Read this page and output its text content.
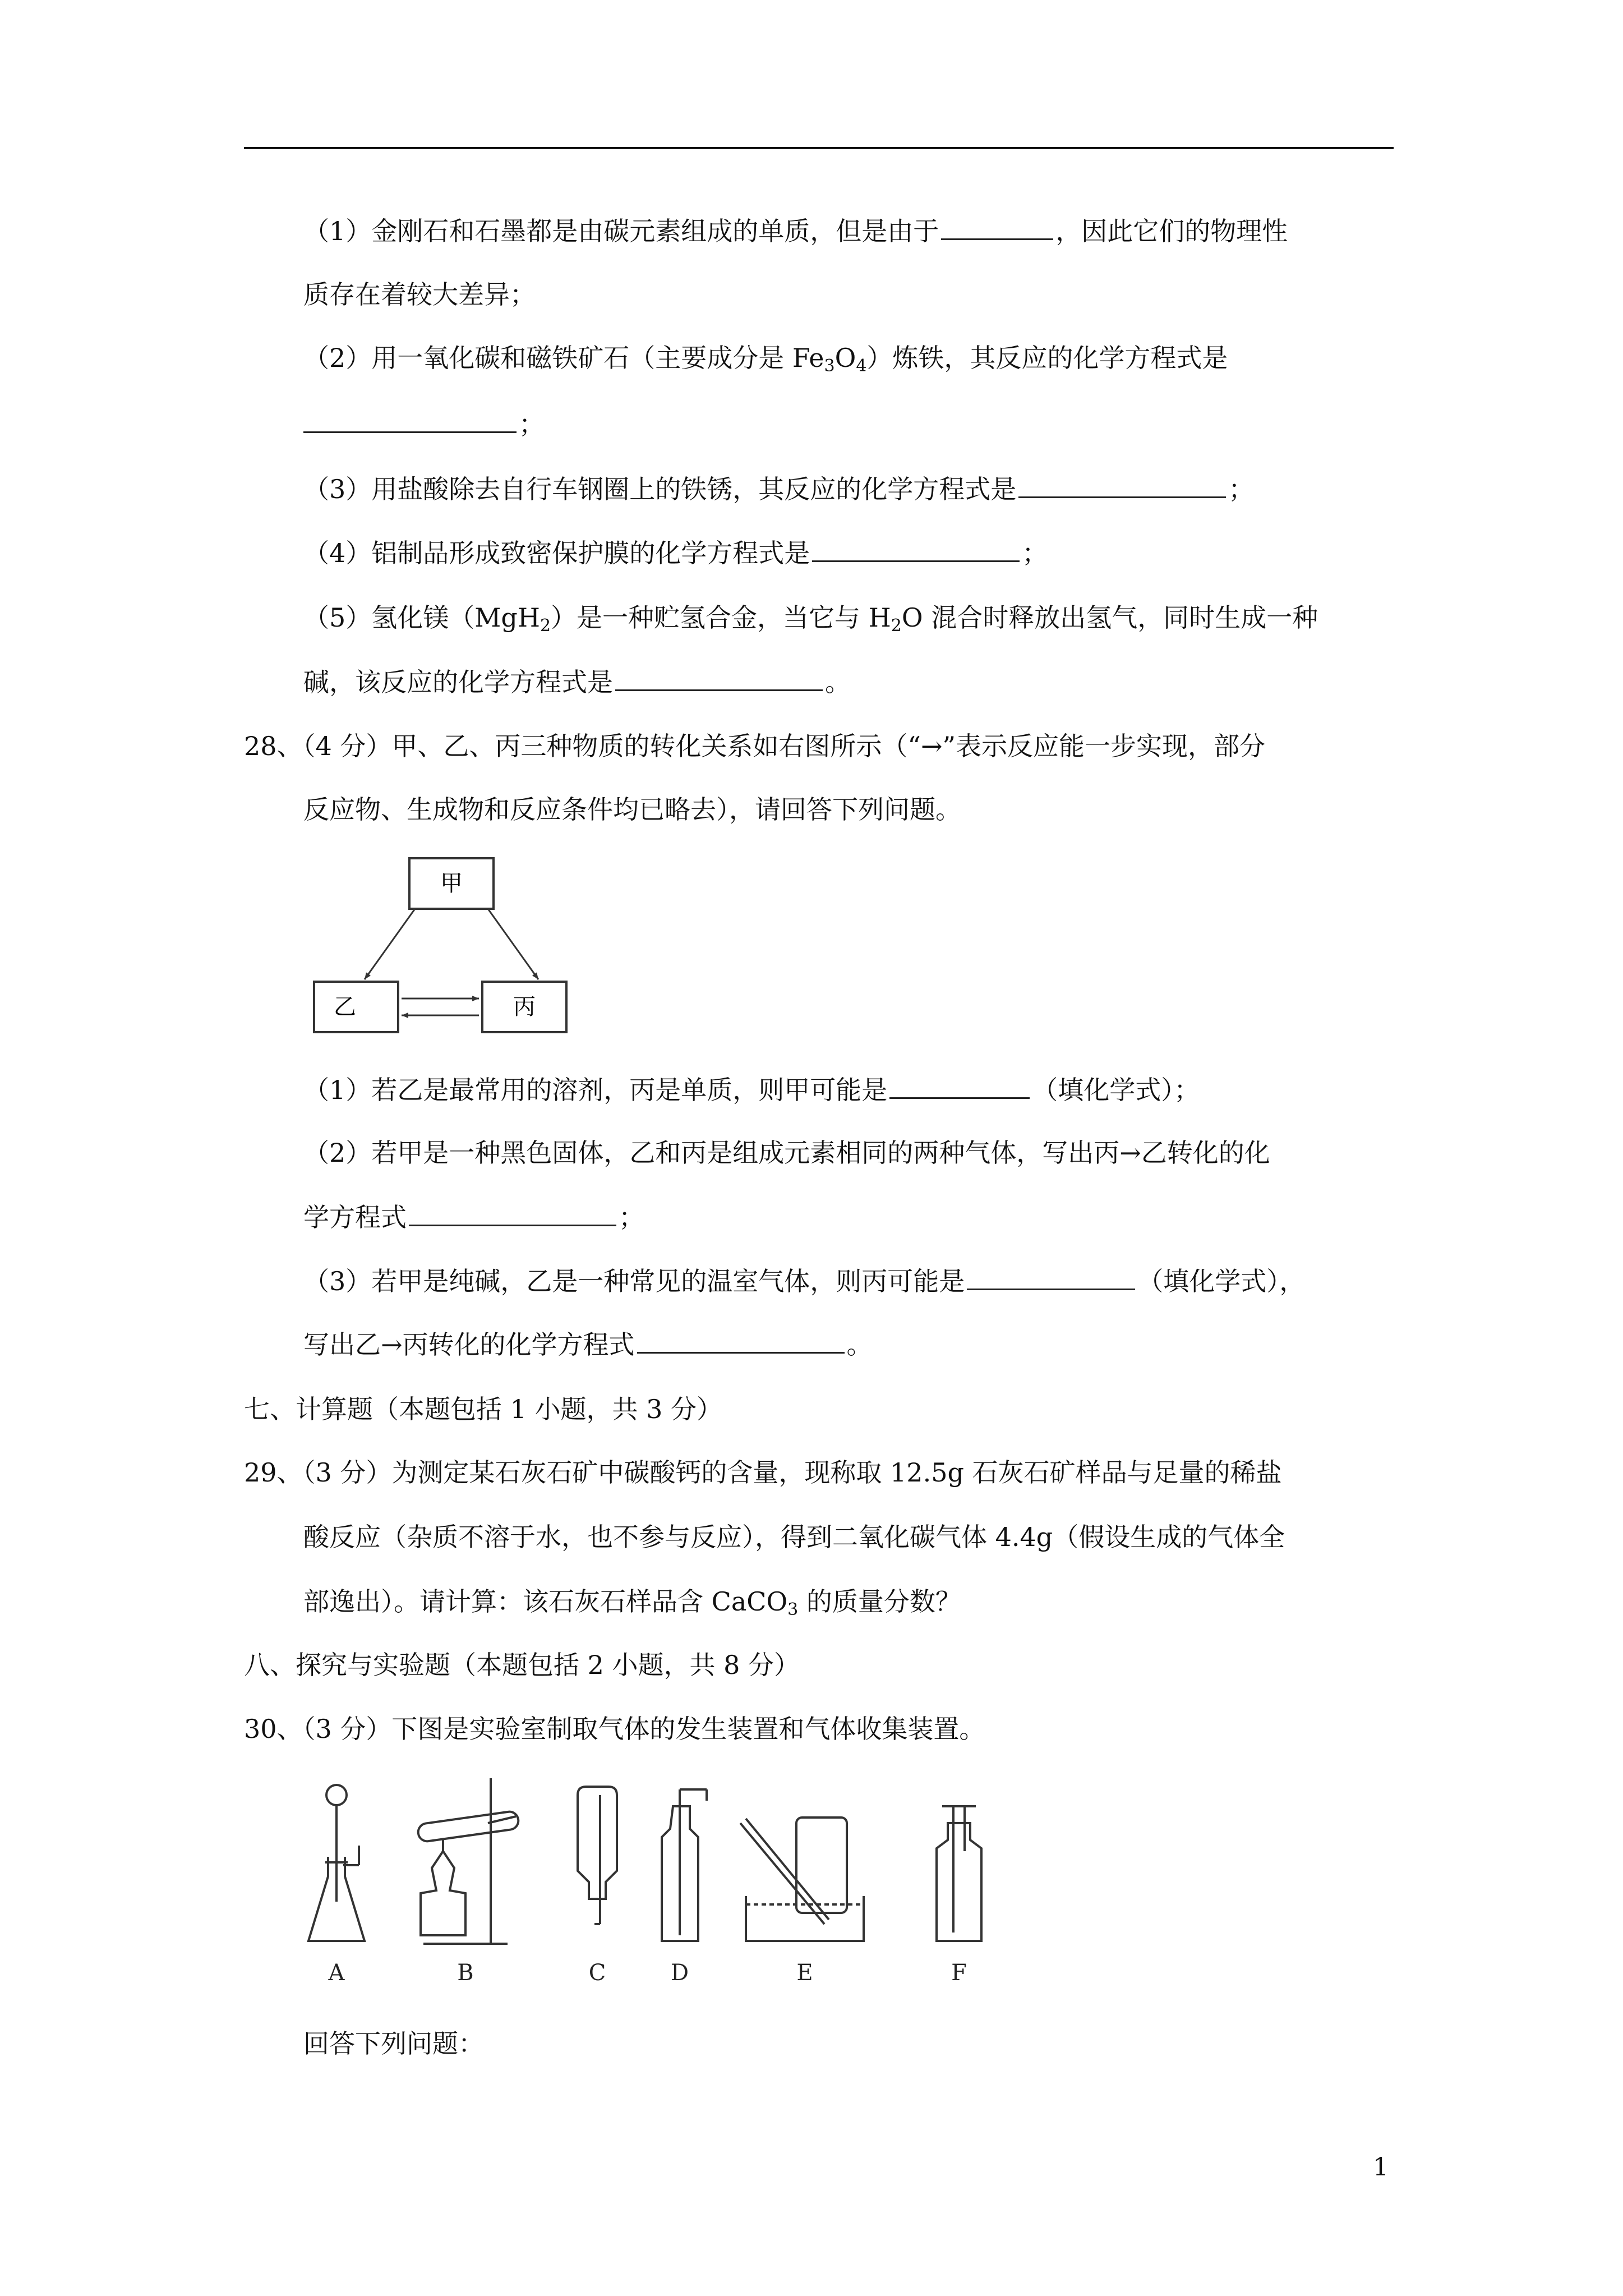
（1）金刚石和石墨都是由碳元素组成的单质，但是由于	，因此它们的物理性
质存在着较大差异；
（2）用一氧化碳和磁铁矿石（主要成分是 $Fe_3O_4$）炼铁，其反应的化学方程式是
；
（3）用盐酸除去自行车钢圈上的铁锈，其反应的化学方程式是	；
（4）铝制品形成致密保护膜的化学方程式是	；
（5）氢化镁（MgH$_2$）是一种贮氢合金，当它与 $H_2O$ 混合时释放出氢气，同时生成一种
碱，该反应的化学方程式是	。
28、（4 分）甲、乙、丙三种物质的转化关系如右图所示（“→”表示反应能一步实现，部分
反应物、生成物和反应条件均已略去），请回答下列问题。
甲
乙	丙
（1）若乙是最常用的溶剂，丙是单质，则甲可能是	（填化学式）；
（2）若甲是一种黑色固体，乙和丙是组成元素相同的两种气体，写出丙→乙转化的化
学方程式	；
（3）若甲是纯碱，乙是一种常见的温室气体，则丙可能是	（填化学式），
写出乙→丙转化的化学方程式	。
七、计算题（本题包括 1 小题，共 3 分）
29、（3 分）为测定某石灰石矿中碳酸钙的含量，现称取 12.5g 石灰石矿样品与足量的稀盐
酸反应（杂质不溶于水，也不参与反应），得到二氧化碳气体 4.4g（假设生成的气体全
部逸出）。请计算：该石灰石样品含 CaCO$_3$ 的质量分数？
八、探究与实验题（本题包括 2 小题，共 8 分）
30、（3 分）下图是实验室制取气体的发生装置和气体收集装置。
A	B	C	D	E	F
回答下列问题：
1
